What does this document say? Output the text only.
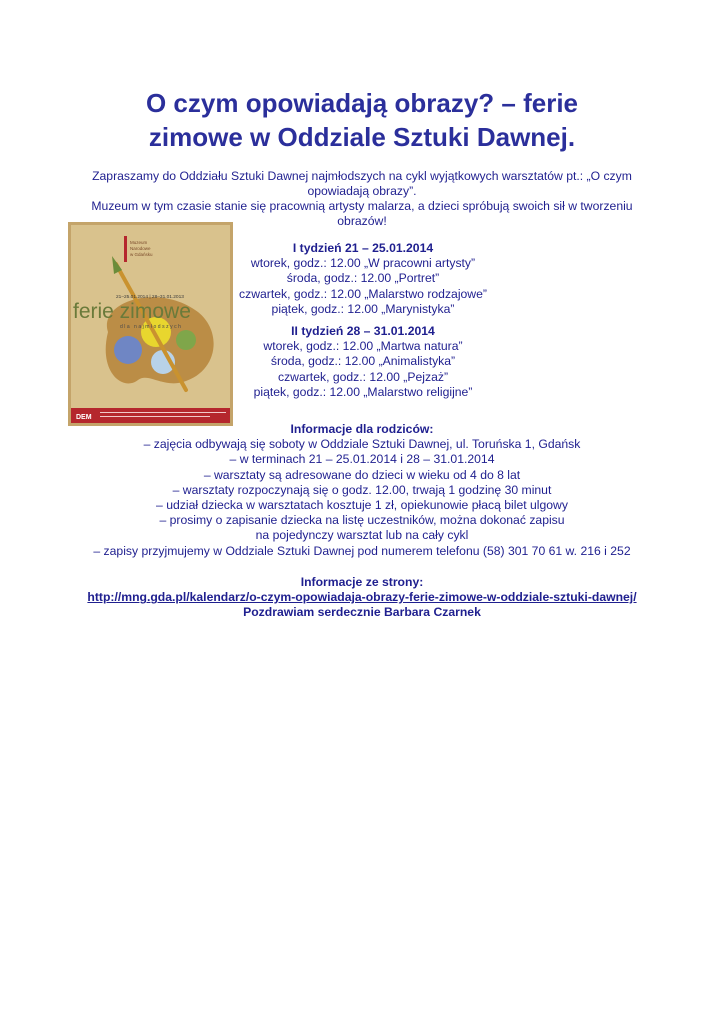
O czym opowiadają obrazy? – ferie
zimowe w Oddziale Sztuki Dawnej.

Zapraszamy do Oddziału Sztuki Dawnej najmłodszych na cykl wyjątkowych warsztatów pt.: „O czym opowiadają obrazy”.

Muzeum w tym czasie stanie się pracownią artysty malarza, a dzieci spróbują swoich sił w tworzeniu obrazów!

Muzeum
Narodowe
w Gdańsku
21–25.01.2014 | 28–31.01.2013
ferie zimowe
dla najmłodszych
DEM
I tydzień 21 – 25.01.2014
wtorek, godz.: 12.00 „W pracowni artysty”
środa, godz.: 12.00 „Portret”
czwartek, godz.: 12.00 „Malarstwo rodzajowe”
piątek, godz.: 12.00 „Marynistyka”
II tydzień 28 – 31.01.2014
wtorek, godz.: 12.00 „Martwa natura”
środa, godz.: 12.00 „Animalistyka”
czwartek, godz.: 12.00 „Pejzaż”
piątek, godz.: 12.00 „Malarstwo religijne”
Informacje dla rodziców:
– zajęcia odbywają się soboty w Oddziale Sztuki Dawnej, ul. Toruńska 1, Gdańsk
– w terminach 21 – 25.01.2014 i 28 – 31.01.2014
– warsztaty są adresowane do dzieci w wieku od 4 do 8 lat
– warsztaty rozpoczynają się o godz. 12.00, trwają 1 godzinę 30 minut
– udział dziecka w warsztatach kosztuje 1 zł, opiekunowie płacą bilet ulgowy
– prosimy o zapisanie dziecka na listę uczestników, można dokonać zapisu na pojedynczy warsztat lub na cały cykl
– zapisy przyjmujemy w Oddziale Sztuki Dawnej pod numerem telefonu (58) 301 70 61 w. 216 i 252
Informacje ze strony:
http://mng.gda.pl/kalendarz/o-czym-opowiadaja-obrazy-ferie-zimowe-w-oddziale-sztuki-dawnej/
Pozdrawiam serdecznie Barbara Czarnek
